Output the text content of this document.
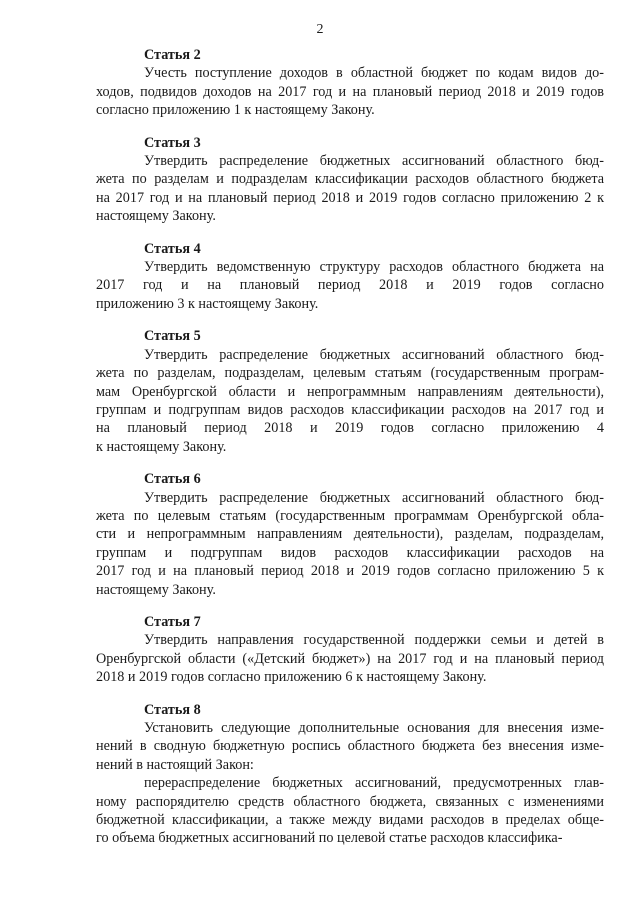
2
Статья 2
Учесть поступление доходов в областной бюджет по кодам видов до-
ходов, подвидов доходов на 2017 год и на плановый период 2018 и 2019 годов
согласно приложению 1 к настоящему Закону.
Статья 3
Утвердить распределение бюджетных ассигнований областного бюд-
жета по разделам и подразделам классификации расходов областного бюджета
на 2017 год и на плановый период 2018 и 2019 годов согласно приложению 2 к
настоящему Закону.
Статья 4
Утвердить ведомственную структуру расходов областного бюджета на
2017 год и на плановый период 2018 и 2019 годов согласно
приложению 3 к настоящему Закону.
Статья 5
Утвердить распределение бюджетных ассигнований областного бюд-
жета по разделам, подразделам, целевым статьям (государственным програм-
мам Оренбургской области и непрограммным направлениям деятельности),
группам и подгруппам видов расходов классификации расходов на 2017 год и
на плановый период 2018 и 2019 годов согласно приложению 4
к настоящему Закону.
Статья 6
Утвердить распределение бюджетных ассигнований областного бюд-
жета по целевым статьям (государственным программам Оренбургской обла-
сти и непрограммным направлениям деятельности), разделам, подразделам,
группам и подгруппам видов расходов классификации расходов на
2017 год и на плановый период 2018 и 2019 годов согласно приложению 5 к
настоящему Закону.
Статья 7
Утвердить направления государственной поддержки семьи и детей в
Оренбургской области («Детский бюджет») на 2017 год и на плановый период
2018 и 2019 годов согласно приложению 6 к настоящему Закону.
Статья 8
Установить следующие дополнительные основания для внесения изме-
нений в сводную бюджетную роспись областного бюджета без внесения изме-
нений в настоящий Закон:
перераспределение бюджетных ассигнований, предусмотренных глав-
ному распорядителю средств областного бюджета, связанных с изменениями
бюджетной классификации, а также между видами расходов в пределах обще-
го объема бюджетных ассигнований по целевой статье расходов классифика-
